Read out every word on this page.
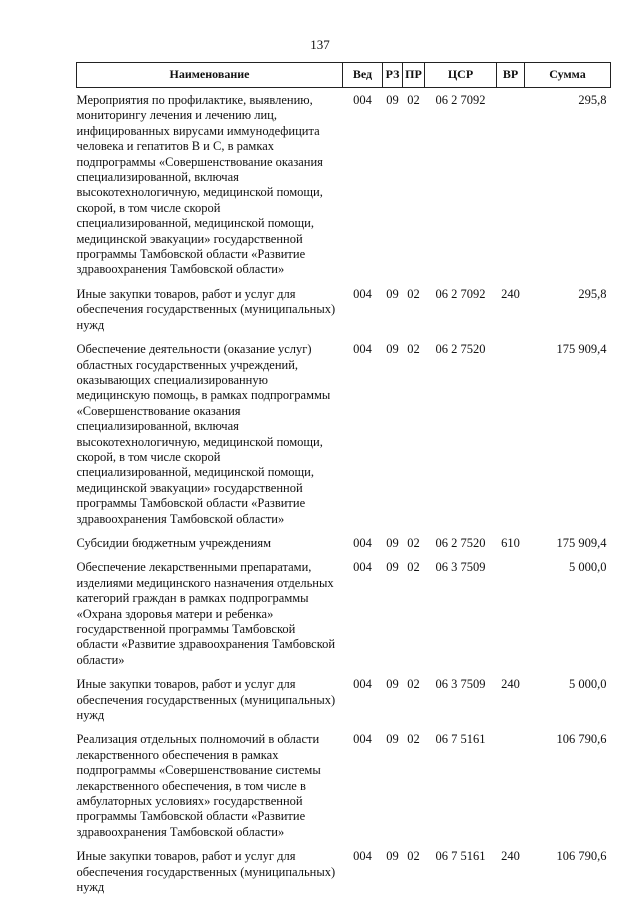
137
Наименование	Вед	РЗ	ПР	ЦСР	ВР	Сумма
Мероприятия по профилактике, выявлению, мониторингу лечения и лечению лиц, инфицированных вирусами иммунодефицита человека и гепатитов В и С, в рамках подпрограммы «Совершенствование оказания специализированной, включая высокотехнологичную, медицинской помощи, скорой, в том числе скорой специализированной, медицинской помощи, медицинской эвакуации» государственной программы Тамбовской области «Развитие здравоохранения Тамбовской области»	004	09	02	06 2 7092		295,8
Иные закупки товаров, работ и услуг для обеспечения государственных (муниципальных) нужд	004	09	02	06 2 7092	240	295,8
Обеспечение деятельности (оказание услуг) областных государственных учреждений, оказывающих специализированную медицинскую помощь, в рамках подпрограммы «Совершенствование оказания специализированной, включая высокотехнологичную, медицинской помощи, скорой, в том числе скорой специализированной, медицинской помощи, медицинской эвакуации» государственной программы Тамбовской области «Развитие здравоохранения Тамбовской области»	004	09	02	06 2 7520		175 909,4
Субсидии бюджетным учреждениям	004	09	02	06 2 7520	610	175 909,4
Обеспечение лекарственными препаратами, изделиями медицинского назначения отдельных категорий граждан в рамках подпрограммы «Охрана здоровья матери и ребенка» государственной программы Тамбовской области «Развитие здравоохранения Тамбовской области»	004	09	02	06 3 7509		5 000,0
Иные закупки товаров, работ и услуг для обеспечения государственных (муниципальных) нужд	004	09	02	06 3 7509	240	5 000,0
Реализация отдельных полномочий в области лекарственного обеспечения в рамках подпрограммы «Совершенствование системы лекарственного обеспечения, в том числе в амбулаторных условиях» государственной программы Тамбовской области «Развитие здравоохранения Тамбовской области»	004	09	02	06 7 5161		106 790,6
Иные закупки товаров, работ и услуг для обеспечения государственных (муниципальных) нужд	004	09	02	06 7 5161	240	106 790,6
